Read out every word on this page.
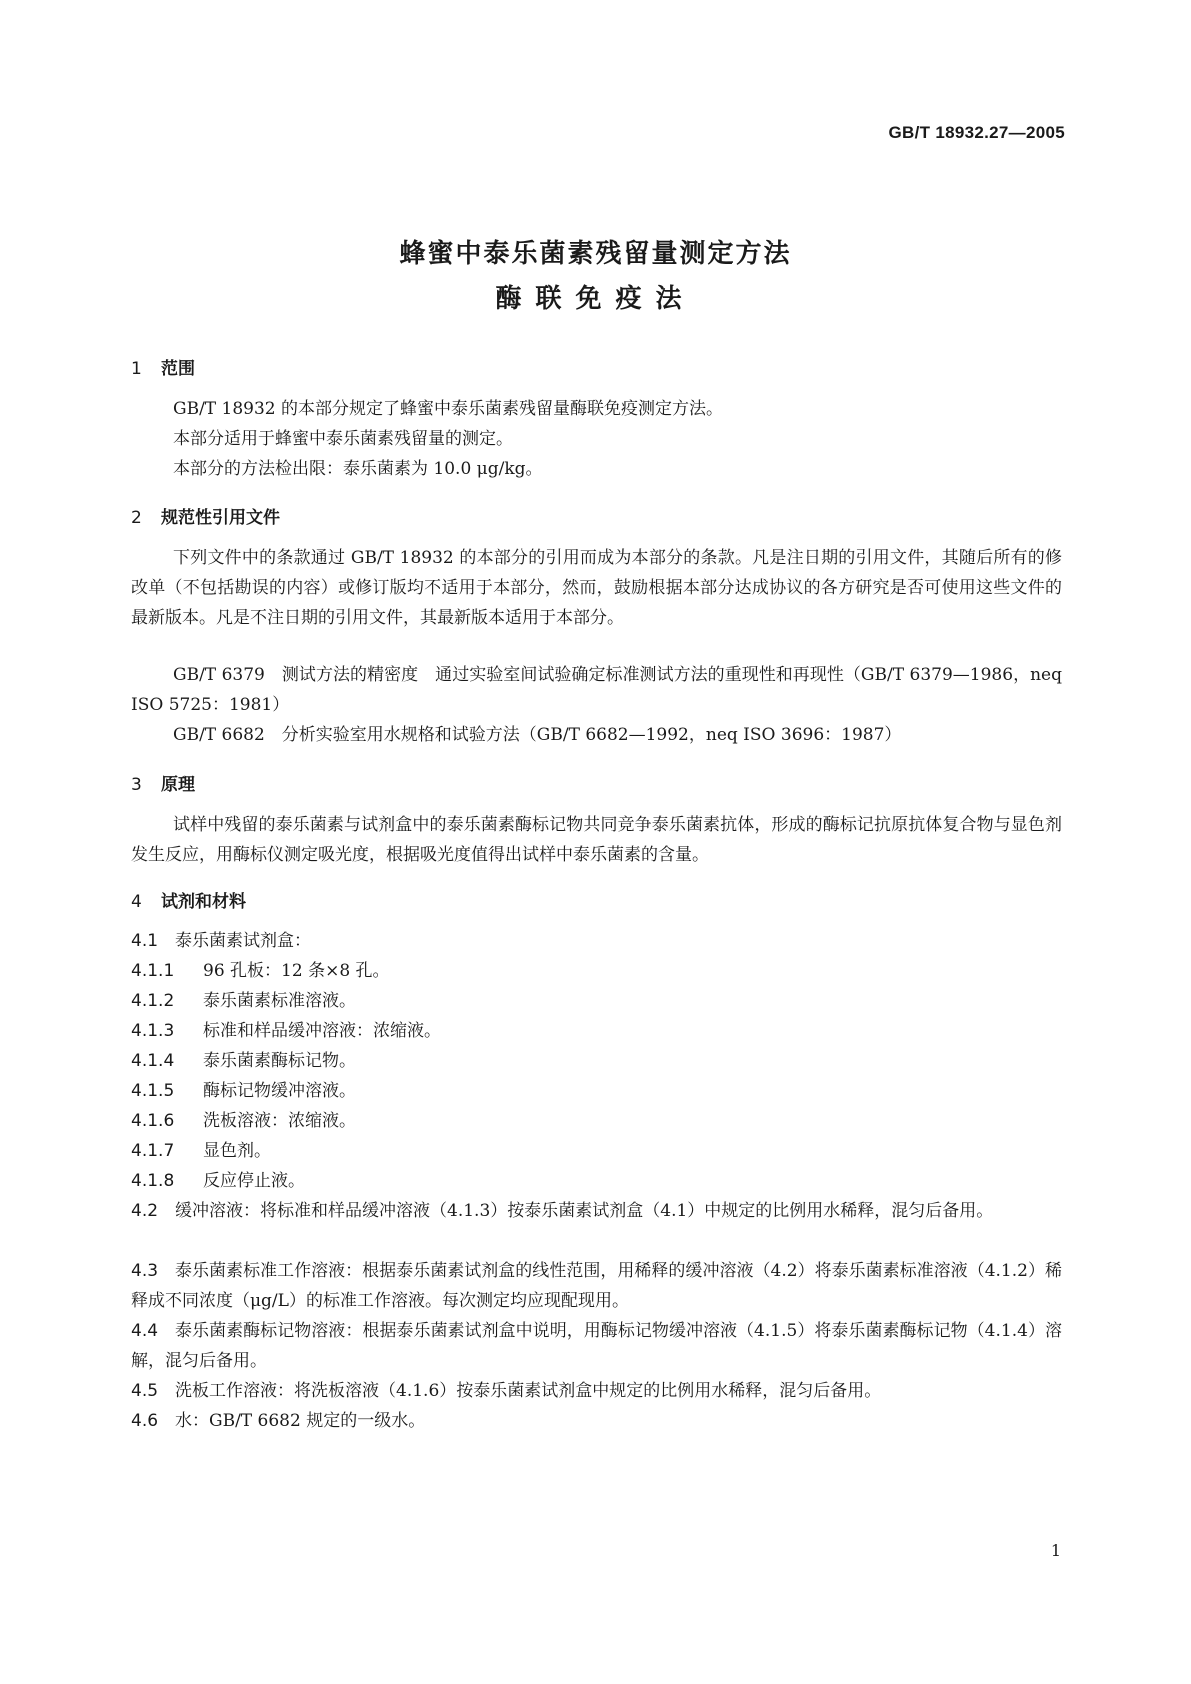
GB/T 18932.27—2005
蜂蜜中泰乐菌素残留量测定方法
酶联免疫法
1 范围
GB/T 18932 的本部分规定了蜂蜜中泰乐菌素残留量酶联免疫测定方法。
本部分适用于蜂蜜中泰乐菌素残留量的测定。
本部分的方法检出限：泰乐菌素为 10.0 μg/kg。
2 规范性引用文件
下列文件中的条款通过 GB/T 18932 的本部分的引用而成为本部分的条款。凡是注日期的引用文件，其随后所有的修改单（不包括勘误的内容）或修订版均不适用于本部分，然而，鼓励根据本部分达成协议的各方研究是否可使用这些文件的最新版本。凡是不注日期的引用文件，其最新版本适用于本部分。
GB/T 6379　测试方法的精密度　通过实验室间试验确定标准测试方法的重现性和再现性（GB/T 6379—1986，neq ISO 5725：1981）
GB/T 6682　分析实验室用水规格和试验方法（GB/T 6682—1992，neq ISO 3696：1987）
3 原理
试样中残留的泰乐菌素与试剂盒中的泰乐菌素酶标记物共同竞争泰乐菌素抗体，形成的酶标记抗原抗体复合物与显色剂发生反应，用酶标仪测定吸光度，根据吸光度值得出试样中泰乐菌素的含量。
4 试剂和材料
4.1 泰乐菌素试剂盒：
4.1.1 96 孔板：12 条×8 孔。
4.1.2 泰乐菌素标准溶液。
4.1.3 标准和样品缓冲溶液：浓缩液。
4.1.4 泰乐菌素酶标记物。
4.1.5 酶标记物缓冲溶液。
4.1.6 洗板溶液：浓缩液。
4.1.7 显色剂。
4.1.8 反应停止液。
4.2 缓冲溶液：将标准和样品缓冲溶液（4.1.3）按泰乐菌素试剂盒（4.1）中规定的比例用水稀释，混匀后备用。
4.3 泰乐菌素标准工作溶液：根据泰乐菌素试剂盒的线性范围，用稀释的缓冲溶液（4.2）将泰乐菌素标准溶液（4.1.2）稀释成不同浓度（μg/L）的标准工作溶液。每次测定均应现配现用。
4.4 泰乐菌素酶标记物溶液：根据泰乐菌素试剂盒中说明，用酶标记物缓冲溶液（4.1.5）将泰乐菌素酶标记物（4.1.4）溶解，混匀后备用。
4.5 洗板工作溶液：将洗板溶液（4.1.6）按泰乐菌素试剂盒中规定的比例用水稀释，混匀后备用。
4.6 水：GB/T 6682 规定的一级水。
1
